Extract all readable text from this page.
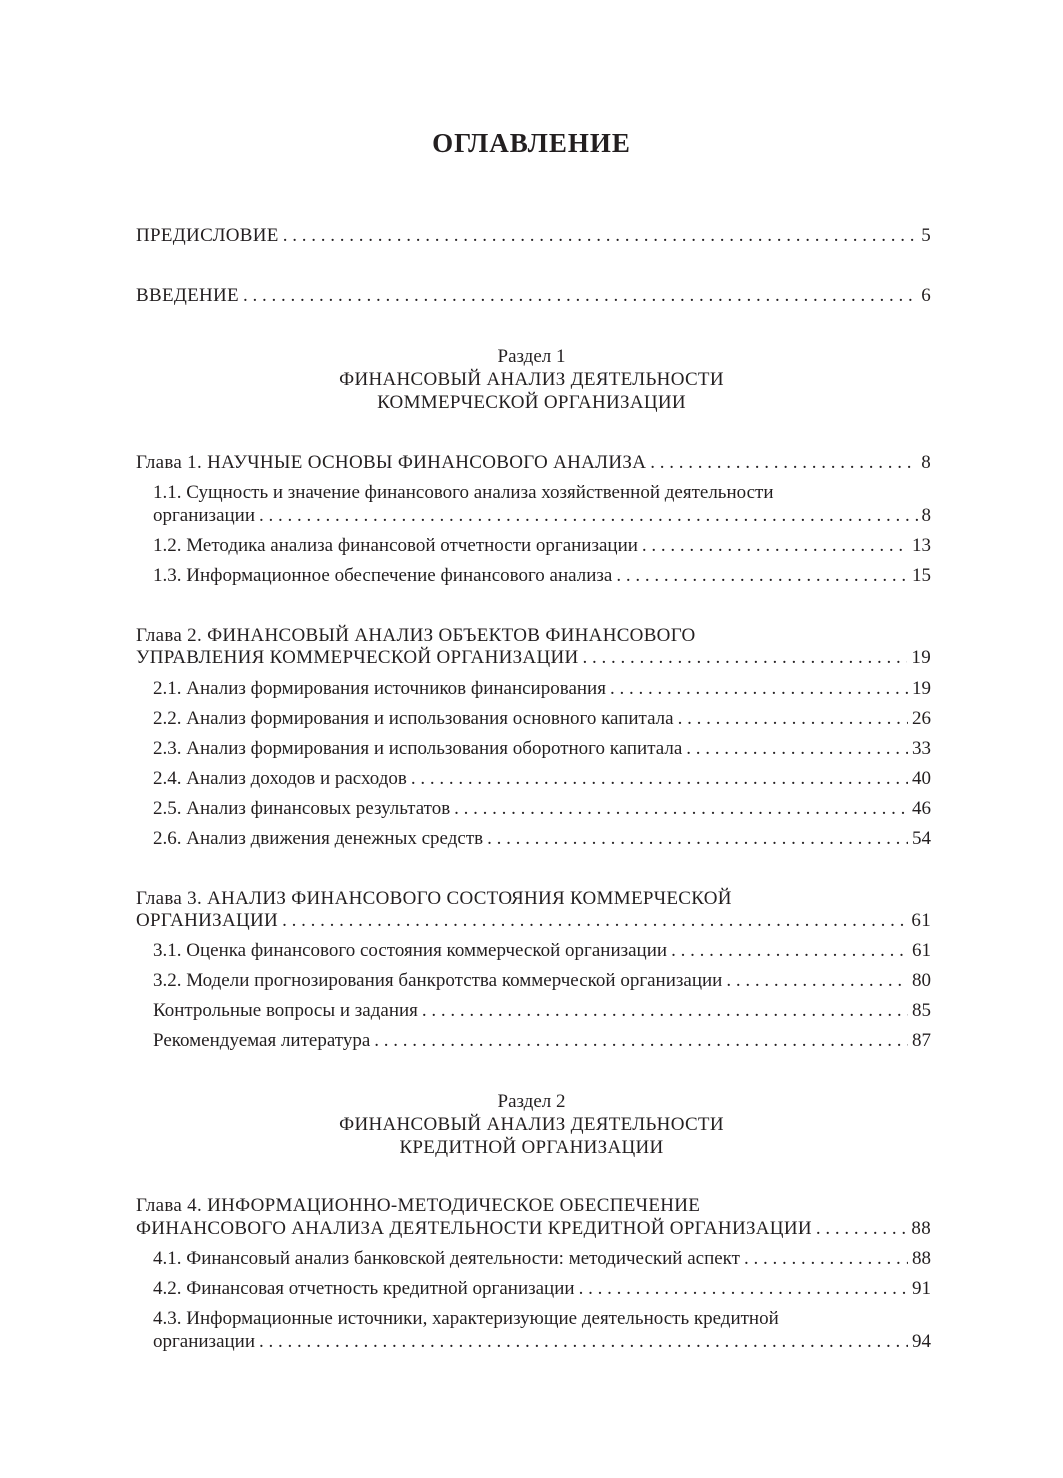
ОГЛАВЛЕНИЕ
ПРЕДИСЛОВИЕ . . .	5
ВВЕДЕНИЕ . . .	6
Раздел 1
ФИНАНСОВЫЙ АНАЛИЗ ДЕЯТЕЛЬНОСТИ
КОММЕРЧЕСКОЙ ОРГАНИЗАЦИИ
Глава 1. НАУЧНЫЕ ОСНОВЫ ФИНАНСОВОГО АНАЛИЗА . . .	8
1.1. Сущность и значение финансового анализа хозяйственной деятельности
организации . . .	8
1.2. Методика анализа финансовой отчетности организации . . .	13
1.3. Информационное обеспечение финансового анализа . . .	15
Глава 2. ФИНАНСОВЫЙ АНАЛИЗ ОБЪЕКТОВ ФИНАНСОВОГО
УПРАВЛЕНИЯ КОММЕРЧЕСКОЙ ОРГАНИЗАЦИИ . . .	19
2.1. Анализ формирования источников финансирования . . .	19
2.2. Анализ формирования и использования основного капитала . . .	26
2.3. Анализ формирования и использования оборотного капитала . . .	33
2.4. Анализ доходов и расходов . . .	40
2.5. Анализ финансовых результатов . . .	46
2.6. Анализ движения денежных средств . . .	54
Глава 3. АНАЛИЗ ФИНАНСОВОГО СОСТОЯНИЯ КОММЕРЧЕСКОЙ
ОРГАНИЗАЦИИ . . .	61
3.1. Оценка финансового состояния коммерческой организации . . .	61
3.2. Модели прогнозирования банкротства коммерческой организации . . .	80
Контрольные вопросы и задания . . .	85
Рекомендуемая литература . . .	87
Раздел 2
ФИНАНСОВЫЙ АНАЛИЗ ДЕЯТЕЛЬНОСТИ
КРЕДИТНОЙ ОРГАНИЗАЦИИ
Глава 4. ИНФОРМАЦИОННО-МЕТОДИЧЕСКОЕ ОБЕСПЕЧЕНИЕ
ФИНАНСОВОГО АНАЛИЗА ДЕЯТЕЛЬНОСТИ КРЕДИТНОЙ ОРГАНИЗАЦИИ . . .	88
4.1. Финансовый анализ банковской деятельности: методический аспект . . .	88
4.2. Финансовая отчетность кредитной организации . . .	91
4.3. Информационные источники, характеризующие деятельность кредитной
организации . . .	94
